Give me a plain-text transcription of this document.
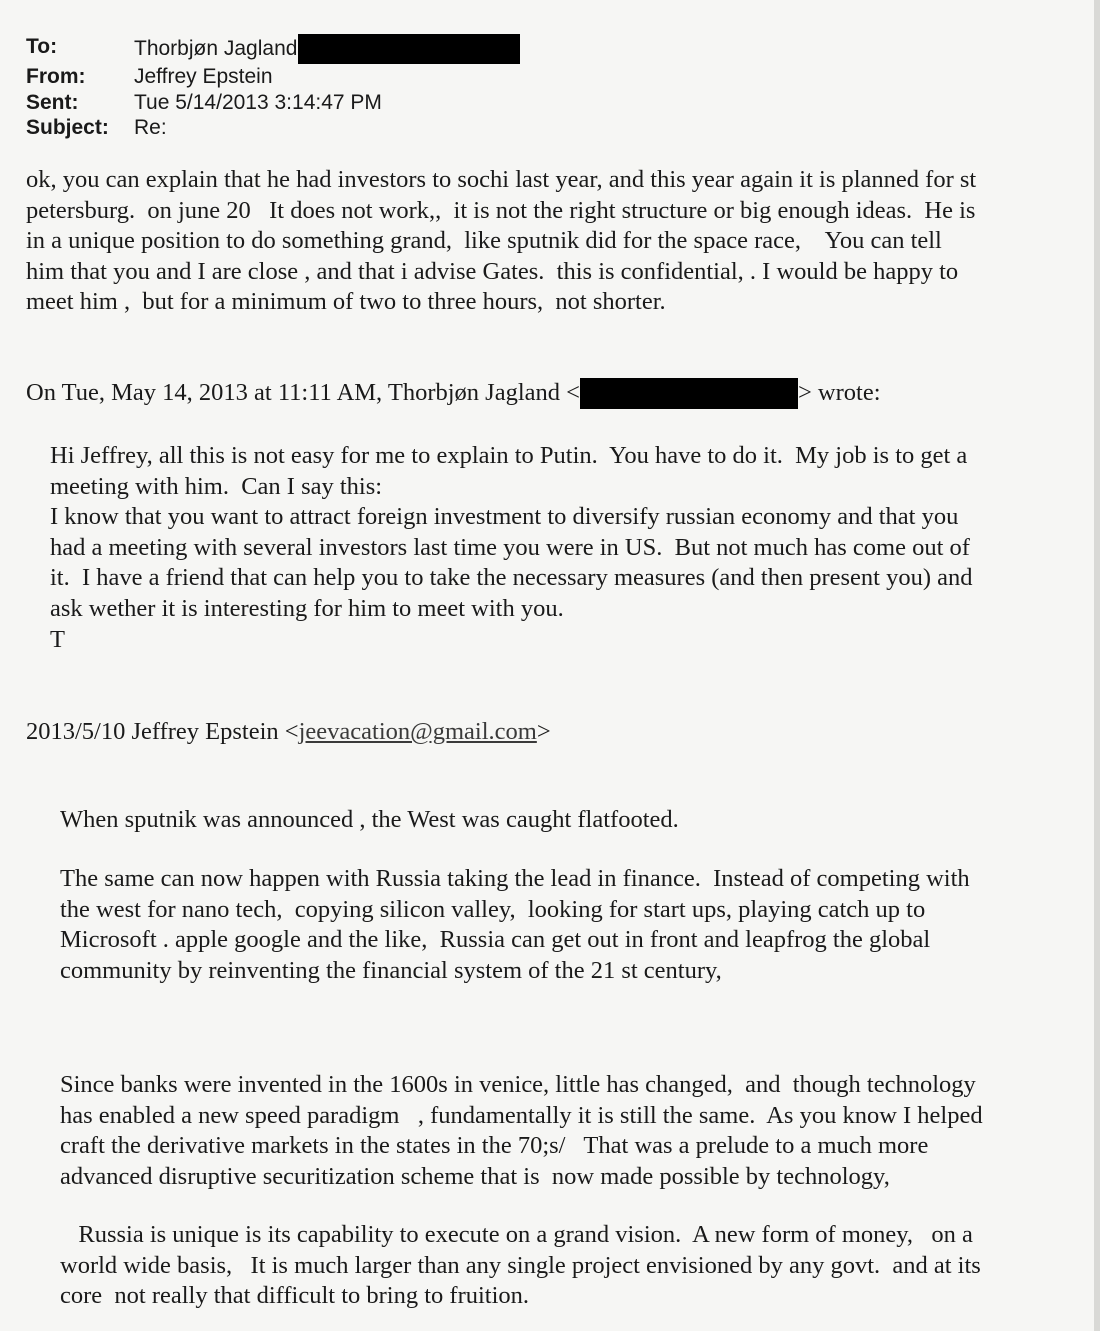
To:	Thorbjøn Jagland
From:	Jeffrey Epstein
Sent:	Tue 5/14/2013 3:14:47 PM
Subject:	Re:
ok, you can explain that he had investors to sochi last year, and this year again it is planned for st
petersburg.  on june 20   It does not work,,  it is not the right structure or big enough ideas.  He is
in a unique position to do something grand,  like sputnik did for the space race,    You can tell
him that you and I are close , and that i advise Gates.  this is confidential, . I would be happy to
meet him ,  but for a minimum of two to three hours,  not shorter.
On Tue, May 14, 2013 at 11:11 AM, Thorbjøn Jagland <	> wrote:
Hi Jeffrey, all this is not easy for me to explain to Putin.  You have to do it.  My job is to get a
meeting with him.  Can I say this:
I know that you want to attract foreign investment to diversify russian economy and that you
had a meeting with several investors last time you were in US.  But not much has come out of
it.  I have a friend that can help you to take the necessary measures (and then present you) and
ask wether it is interesting for him to meet with you.
T
2013/5/10 Jeffrey Epstein < jeevacation@gmail.com >
When sputnik was announced , the West was caught flatfooted.
The same can now happen with Russia taking the lead in finance.  Instead of competing with
the west for nano tech,  copying silicon valley,  looking for start ups, playing catch up to
Microsoft . apple google and the like,  Russia can get out in front and leapfrog the global
community by reinventing the financial system of the 21 st century,
Since banks were invented in the 1600s in venice, little has changed,  and  though technology
has enabled a new speed paradigm   , fundamentally it is still the same.  As you know I helped
craft the derivative markets in the states in the 70;s/   That was a prelude to a much more
advanced disruptive securitization scheme that is  now made possible by technology,
Russia is unique is its capability to execute on a grand vision.  A new form of money,   on a
world wide basis,   It is much larger than any single project envisioned by any govt.  and at its
core  not really that difficult to bring to fruition.
